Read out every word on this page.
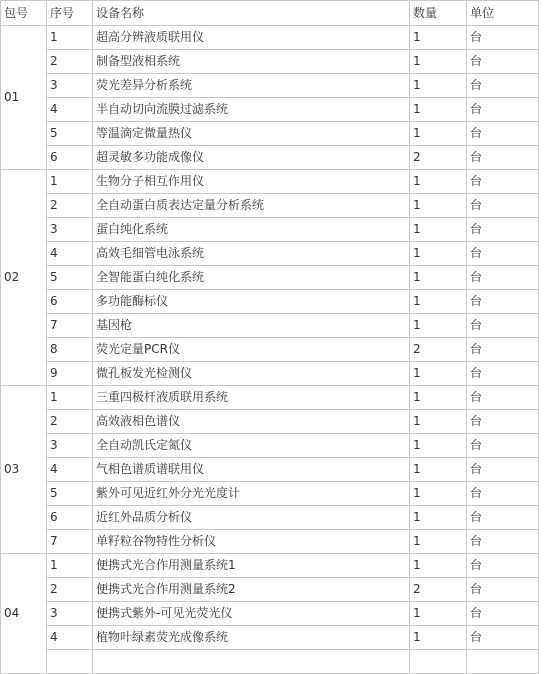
包号	序号	设备名称	数量	单位
01	1	超高分辨液质联用仪	1	台
	2	制备型液相系统	1	台
	3	荧光差异分析系统	1	台
	4	半自动切向流膜过滤系统	1	台
	5	等温滴定微量热仪	1	台
	6	超灵敏多功能成像仪	2	台
02	1	生物分子相互作用仪	1	台
	2	全自动蛋白质表达定量分析系统	1	台
	3	蛋白纯化系统	1	台
	4	高效毛细管电泳系统	1	台
	5	全智能蛋白纯化系统	1	台
	6	多功能酶标仪	1	台
	7	基因枪	1	台
	8	荧光定量PCR仪	2	台
	9	微孔板发光检测仪	1	台
03	1	三重四极杆液质联用系统	1	台
	2	高效液相色谱仪	1	台
	3	全自动凯氏定氮仪	1	台
	4	气相色谱质谱联用仪	1	台
	5	紫外可见近红外分光光度计	1	台
	6	近红外品质分析仪	1	台
	7	单籽粒谷物特性分析仪	1	台
04	1	便携式光合作用测量系统1	1	台
	2	便携式光合作用测量系统2	2	台
	3	便携式紫外-可见光荧光仪	1	台
	4	植物叶绿素荧光成像系统	1	台
